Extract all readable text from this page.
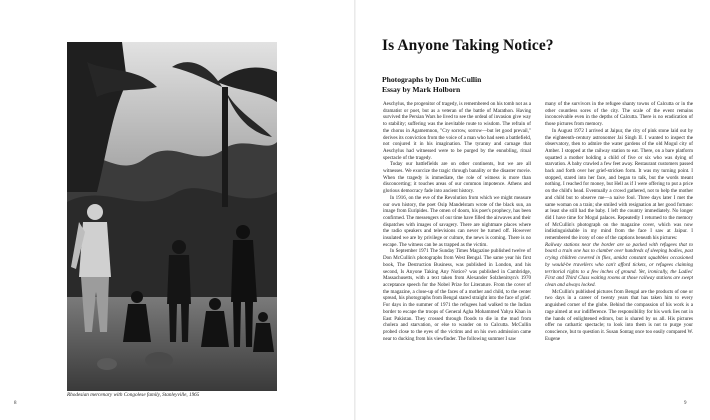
Rhodesian mercenary with Congolese family, Stanleyville, 1965
8
Is Anyone Taking Notice?
Photographs by Don McCullin
Essay by Mark Holborn

Aeschylus, the progenitor of tragedy, is remembered on his tomb not as a dramatist or poet, but as a veteran of the battle of Marathon. Having survived the Persian Wars he lived to see the ordeal of invasion give way to stability; suffering was the inevitable route to wisdom. The refrain of the chorus in Agamemnon, "Cry sorrow, sorrow—but let good prevail," derives its conviction from the voice of a man who had seen a battlefield, not conjured it in his imagination. The tyranny and carnage that Aeschylus had witnessed were to be purged by the ennobling, ritual spectacle of the tragedy.

Today our battlefields are on other continents, but we are all witnesses. We exorcize the tragic through banality or the disaster movie. When the tragedy is immediate, the role of witness is more than disconcerting; it touches areas of our common impotence. Athens and glorious democracy fade into ancient history.

In 1916, on the eve of the Revolution from which we might measure our own history, the poet Osip Mandelstam wrote of the black sun, an image from Euripides. The omen of doom, his poet's prophecy, has been confirmed. The messengers of our time have filled the airwaves and their dispatches with images of savagery. There are nightmare places where the radio speakers and televisions can never be turned off. However insulated we are by privilege or culture, the news is coming. There is no escape. The witness can be as trapped as the victim.

In September 1971 The Sunday Times Magazine published twelve of Don McCullin's photographs from West Bengal. The same year his first book, The Destruction Business, was published in London, and his second, Is Anyone Taking Any Notice? was published in Cambridge, Massachusetts, with a text taken from Alexander Solzhenitsyn's 1970 acceptance speech for the Nobel Prize for Literature. From the cover of the magazine, a close-up of the faces of a mother and child, to the center spread, his photographs from Bengal stared straight into the face of grief. For days in the summer of 1971 the refugees had walked to the Indian border to escape the troops of General Agha Mohammed Yahya Khan in East Pakistan. They crossed through floods to die in the mud from cholera and starvation, or else to wander on to Calcutta. McCullin probed close to the eyes of the victims and on his own admission came near to ducking from his viewfinder. The following summer I saw

many of the survivors in the refugee shanty towns of Calcutta or in the other countless sores of the city. The scale of the event remains inconceivable even in the depths of Calcutta. There is no eradication of those pictures from memory.

In August 1972 I arrived at Jaipur, the city of pink stone laid out by the eighteenth-century astronomer Jai Singh II. I wanted to inspect the observatory, then to admire the water gardens of the old Mogul city of Amber. I stopped at the railway station to eat. There, on a bare platform squatted a mother holding a child of five or six who was dying of starvation. A baby crawled a few feet away. Restaurant customers passed back and forth over her grief-stricken form. It was my turning point. I stopped, stared into her face, and began to talk, but the words meant nothing. I reached for money, but Hell as if I were offering to put a price on the child's head. Eventually a crowd gathered, not to help the mother and child but to observe me—a naive fool. Three days later I met the same woman on a train; she smiled with resignation at her good fortune: at least she still had the baby. I left the country immediately. No longer did I have time for Mogul palaces. Repeatedly I returned to the memory of McCullin's photograph on the magazine cover, which was now indistinguishable in my mind from the face I saw at Jaipur. I remembered the irony of one of the captions beneath his pictures:

Railway stations near the border are so packed with refugees that to board a train one has to clamber over hundreds of sleeping bodies, past crying children covered in flies, amidst constant squabbles occasioned by would-be travellers who can't afford tickets, or refugees claiming territorial rights to a few inches of ground. Yet, ironically, the Ladies' First and Third Class waiting rooms at those railway stations are swept clean and always locked.

McCullin's published pictures from Bengal are the products of one or two days in a career of twenty years that has taken him to every anguished corner of the globe. Behind the compassion of his work is a rage aimed at our indifference. The responsibility for his work lies not in the hands of enlightened editors, but is shared by us all. His pictures offer no cathartic spectacle; to look into them is not to purge your conscience, but to question it. Susan Sontag once too easily compared W. Eugene

9
